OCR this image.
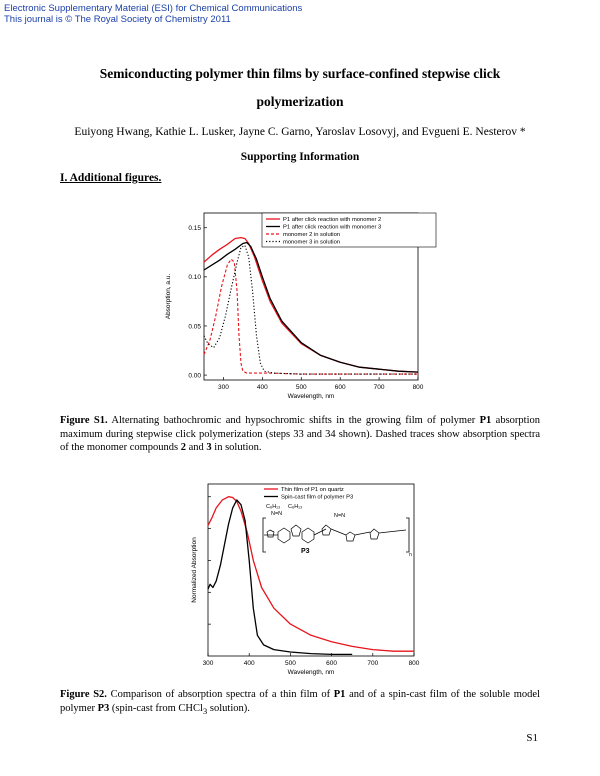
Electronic Supplementary Material (ESI) for Chemical Communications
This journal is © The Royal Society of Chemistry 2011
Semiconducting polymer thin films by surface-confined stepwise click
polymerization
Euiyong Hwang, Kathie L. Lusker, Jayne C. Garno, Yaroslav Losovyj, and Evgueni E. Nesterov *
Supporting Information
I. Additional figures.
300	400	500	600	700	800
0.00
0.05
0.10
0.15
Wavelength, nm
Absorption, a.u.
P1 after click reaction with monomer 2
P1 after click reaction with monomer 3
monomer 2 in solution
monomer 3 in solution
Figure S1. Alternating bathochromic and hypsochromic shifts in the growing film of polymer P1 absorption maximum during stepwise click polymerization (steps 33 and 34 shown). Dashed traces show absorption spectra of the monomer compounds 2 and 3 in solution.
300	400	500	600	700	800
Wavelength, nm
Normalized Absorption
Thin film of P1 on quartz
Spin-cast film of polymer P3
C₆H₁₃ C₆H₁₃
N=N	N=N
P3	n
Figure S2. Comparison of absorption spectra of a thin film of P1 and of a spin-cast film of the soluble model polymer P3 (spin-cast from CHCl$_3$ solution).
S1
